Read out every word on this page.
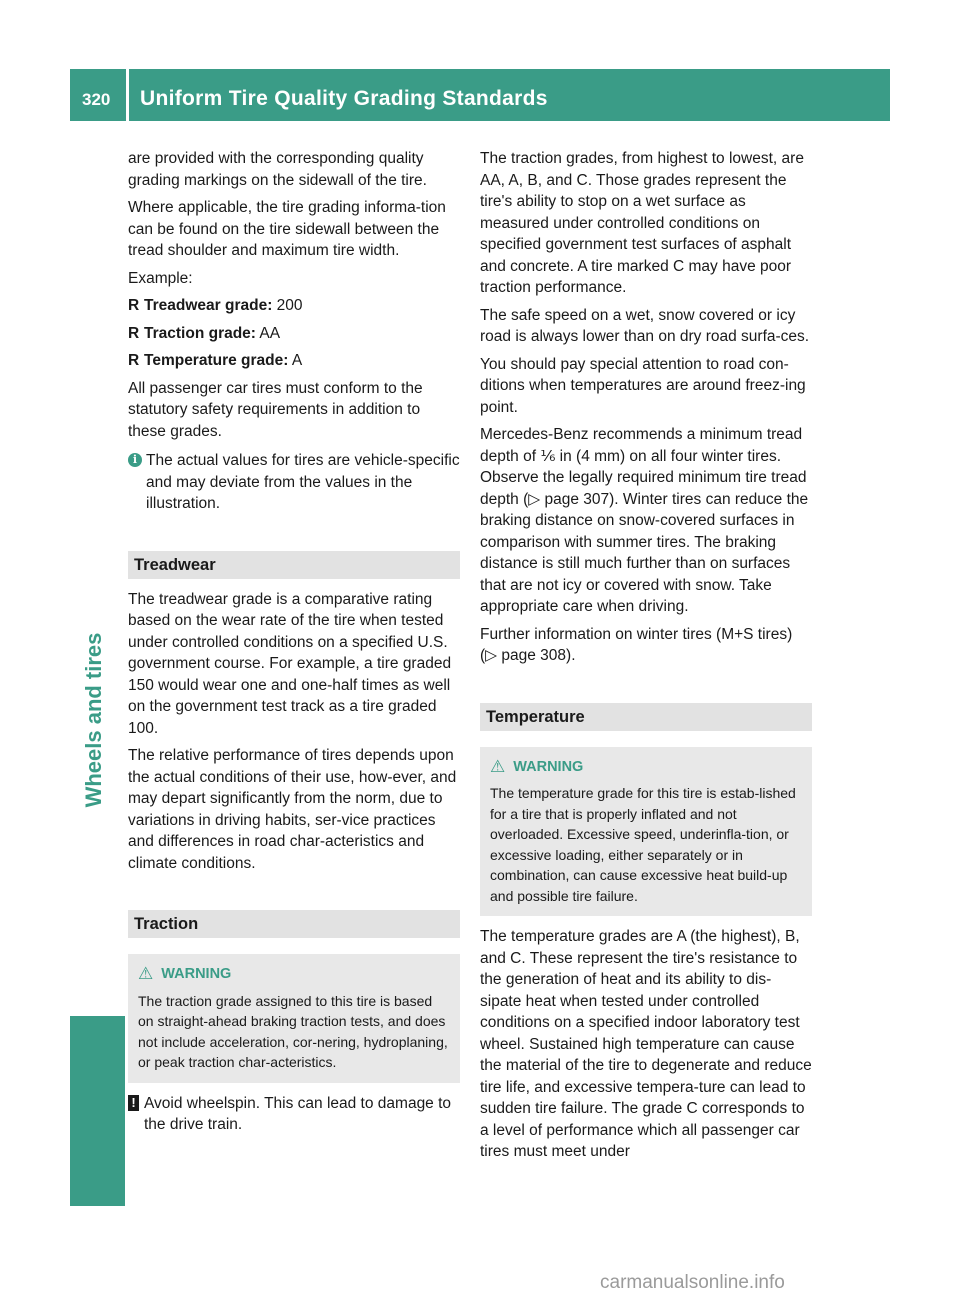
320 Uniform Tire Quality Grading Standards
Wheels and tires

are provided with the corresponding quality grading markings on the sidewall of the tire.

Where applicable, the tire grading informa-tion can be found on the tire sidewall between the tread shoulder and maximum tire width.

Example:

R Treadwear grade: 200
R Traction grade: AA
R Temperature grade: A

All passenger car tires must conform to the statutory safety requirements in addition to these grades.

i The actual values for tires are vehicle-specific and may deviate from the values in the illustration.
Treadwear

The treadwear grade is a comparative rating based on the wear rate of the tire when tested under controlled conditions on a specified U.S. government course. For example, a tire graded 150 would wear one and one-half times as well on the government test track as a tire graded 100.

The relative performance of tires depends upon the actual conditions of their use, how-ever, and may depart significantly from the norm, due to variations in driving habits, ser-vice practices and differences in road char-acteristics and climate conditions.

Traction
⚠ WARNING
The traction grade assigned to this tire is based on straight-ahead braking traction tests, and does not include acceleration, cor-nering, hydroplaning, or peak traction char-acteristics.
! Avoid wheelspin. This can lead to damage to the drive train.

The traction grades, from highest to lowest, are AA, A, B, and C. Those grades represent the tire's ability to stop on a wet surface as measured under controlled conditions on specified government test surfaces of asphalt and concrete. A tire marked C may have poor traction performance.

The safe speed on a wet, snow covered or icy road is always lower than on dry road surfa-ces.

You should pay special attention to road con-ditions when temperatures are around freez-ing point.

Mercedes-Benz recommends a minimum tread depth of ⅙ in (4 mm) on all four winter tires. Observe the legally required minimum tire tread depth (▷ page 307). Winter tires can reduce the braking distance on snow-covered surfaces in comparison with summer tires. The braking distance is still much further than on surfaces that are not icy or covered with snow. Take appropriate care when driving.

Further information on winter tires (M+S tires) (▷ page 308).

Temperature
⚠ WARNING
The temperature grade for this tire is estab-lished for a tire that is properly inflated and not overloaded. Excessive speed, underinfla-tion, or excessive loading, either separately or in combination, can cause excessive heat build-up and possible tire failure.

The temperature grades are A (the highest), B, and C. These represent the tire's resistance to the generation of heat and its ability to dis-sipate heat when tested under controlled conditions on a specified indoor laboratory test wheel. Sustained high temperature can cause the material of the tire to degenerate and reduce tire life, and excessive tempera-ture can lead to sudden tire failure. The grade C corresponds to a level of performance which all passenger car tires must meet under

carmanualsonline.info
